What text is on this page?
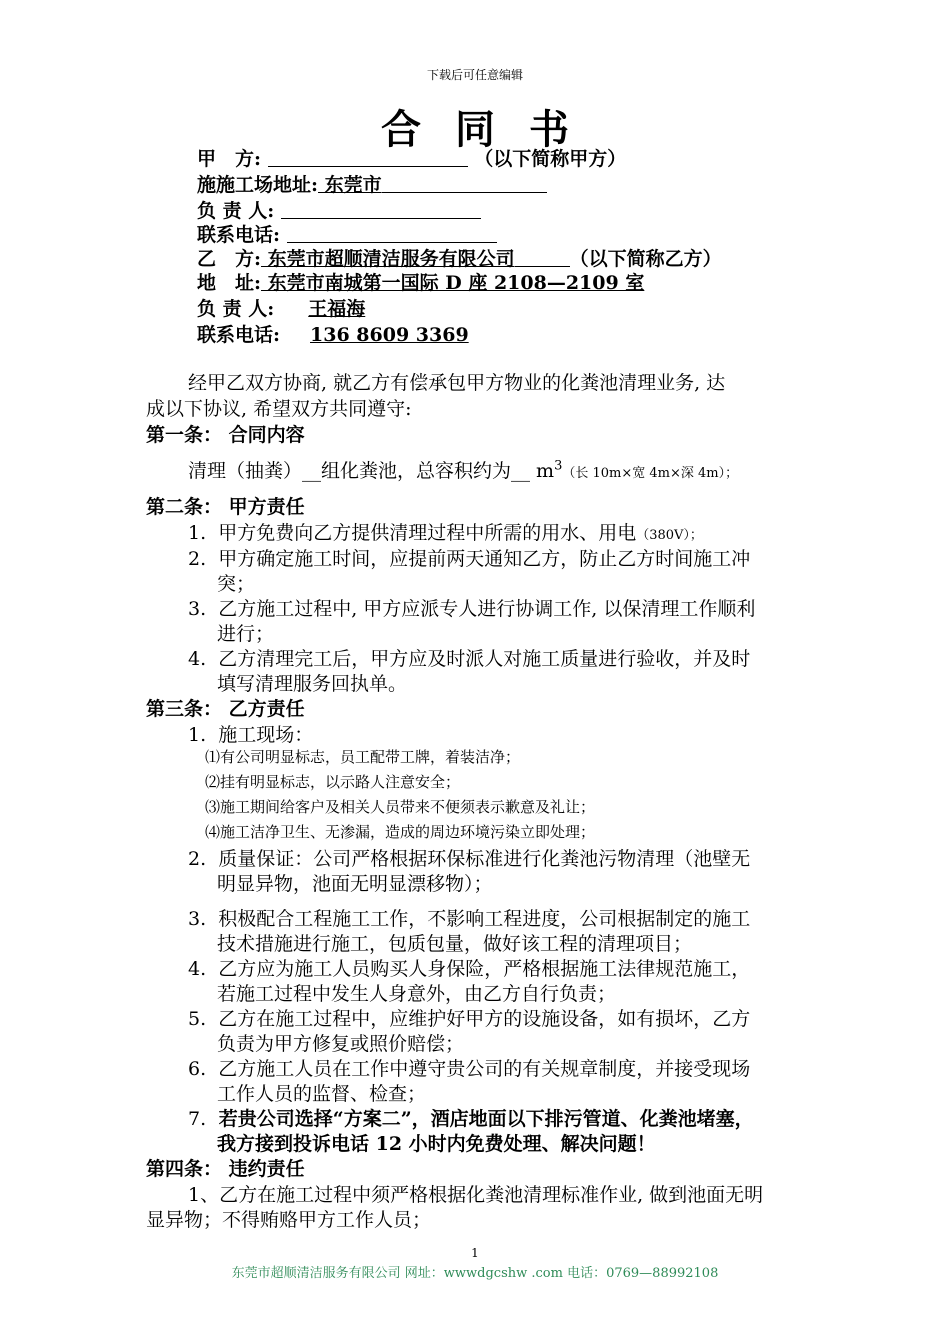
下载后可任意编辑
合同书
甲　方:	（以下简称甲方）
施施工场地址: 东莞市
负 责 人:
联系电话:
乙　方: 东莞市超顺清洁服务有限公司	（以下简称乙方）
地　址: 东莞市南城第一国际 D 座 2108—2109 室
负 责 人: 王福海
联系电话: 136 8609 3369
经甲乙双方协商, 就乙方有偿承包甲方物业的化粪池清理业务, 达
成以下协议, 希望双方共同遵守:
第一条： 合同内容
清理（抽粪）__组化粪池，总容积约为__ $m^3$（长 10m×宽 4m×深 4m）；
第二条： 甲方责任
1. 甲方免费向乙方提供清理过程中所需的用水、用电（380V）；
2. 甲方确定施工时间，应提前两天通知乙方，防止乙方时间施工冲
突；
3. 乙方施工过程中, 甲方应派专人进行协调工作, 以保清理工作顺利
进行；
4. 乙方清理完工后，甲方应及时派人对施工质量进行验收，并及时
填写清理服务回执单。
第三条： 乙方责任
1. 施工现场：
⑴有公司明显标志，员工配带工牌，着装洁净；
⑵挂有明显标志，以示路人注意安全；
⑶施工期间给客户及相关人员带来不便须表示歉意及礼让；
⑷施工洁净卫生、无渗漏，造成的周边环境污染立即处理；
2. 质量保证：公司严格根据环保标准进行化粪池污物清理（池壁无
明显异物，池面无明显漂移物）；
3. 积极配合工程施工工作，不影响工程进度，公司根据制定的施工
技术措施进行施工，包质包量，做好该工程的清理项目；
4. 乙方应为施工人员购买人身保险，严格根据施工法律规范施工，
若施工过程中发生人身意外，由乙方自行负责；
5. 乙方在施工过程中，应维护好甲方的设施设备，如有损坏，乙方
负责为甲方修复或照价赔偿；
6. 乙方施工人员在工作中遵守贵公司的有关规章制度，并接受现场
工作人员的监督、检查；
7. 若贵公司选择“方案二”，酒店地面以下排污管道、化粪池堵塞，
我方接到投诉电话 12 小时内免费处理、解决问题！
第四条： 违约责任
1、乙方在施工过程中须严格根据化粪池清理标准作业, 做到池面无明
显异物；不得贿赂甲方工作人员；
1
东莞市超顺清洁服务有限公司 网址：wwwdgcshw .com 电话：0769—88992108
